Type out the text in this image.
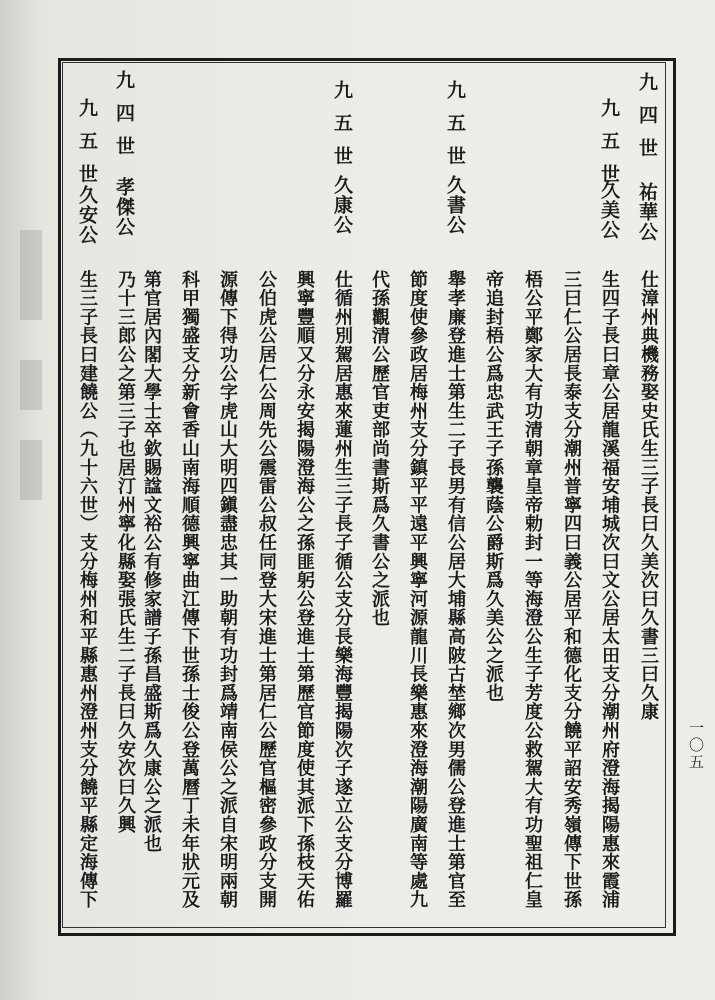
九四世
祐華公
仕漳州典機務娶史氏生三子長曰久美次曰久書三曰久康
九五世
久美公
生四子長曰章公居龍溪福安埔城次曰文公居太田支分潮州府澄海揭陽惠來霞浦
三曰仁公居長泰支分潮州普寧四曰義公居平和德化支分饒平詔安秀嶺傳下世孫
梧公平鄭家大有功清朝章皇帝勅封一等海澄公生子芳度公救駕大有功聖祖仁皇
帝追封梧公爲忠武王子孫襲蔭公爵斯爲久美公之派也
九五世
久書公
舉孝廉登進士第生二子長男有信公居大埔縣高陂古埜鄉次男儒公登進士第官至
節度使參政居梅州支分鎮平平遠平興寧河源龍川長樂惠來澄海潮陽廣南等處九
代孫觀清公歷官吏部尚書斯爲久書公之派也
九五世
久康公
仕循州別駕居惠來蓮州生三子長子循公支分長樂海豐揭陽次子遂立公支分博羅
興寧豐順又分永安揭陽澄海公之孫匪躬公登進士第歷官節度使其派下孫枝天佑
公伯虎公居仁公周先公震雷公叔任同登大宋進士第居仁公歷官樞密參政分支開
源傳下得功公字虎山大明四鎭盡忠其一助朝有功封爲靖南侯公之派自宋明兩朝
科甲獨盛支分新會香山南海順德興寧曲江傳下世孫士俊公登萬曆丁未年狀元及
第官居內閣大學士卒欽賜諡文裕公有修家譜子孫昌盛斯爲久康公之派也
九四世
孝傑公
乃十三郎公之第三子也居汀州寧化縣娶張氏生二子長曰久安次曰久興
九五世
久安公
生三子長曰建饒公（九十六世）支分梅州和平縣惠州澄州支分饒平縣定海傳下	一〇五
